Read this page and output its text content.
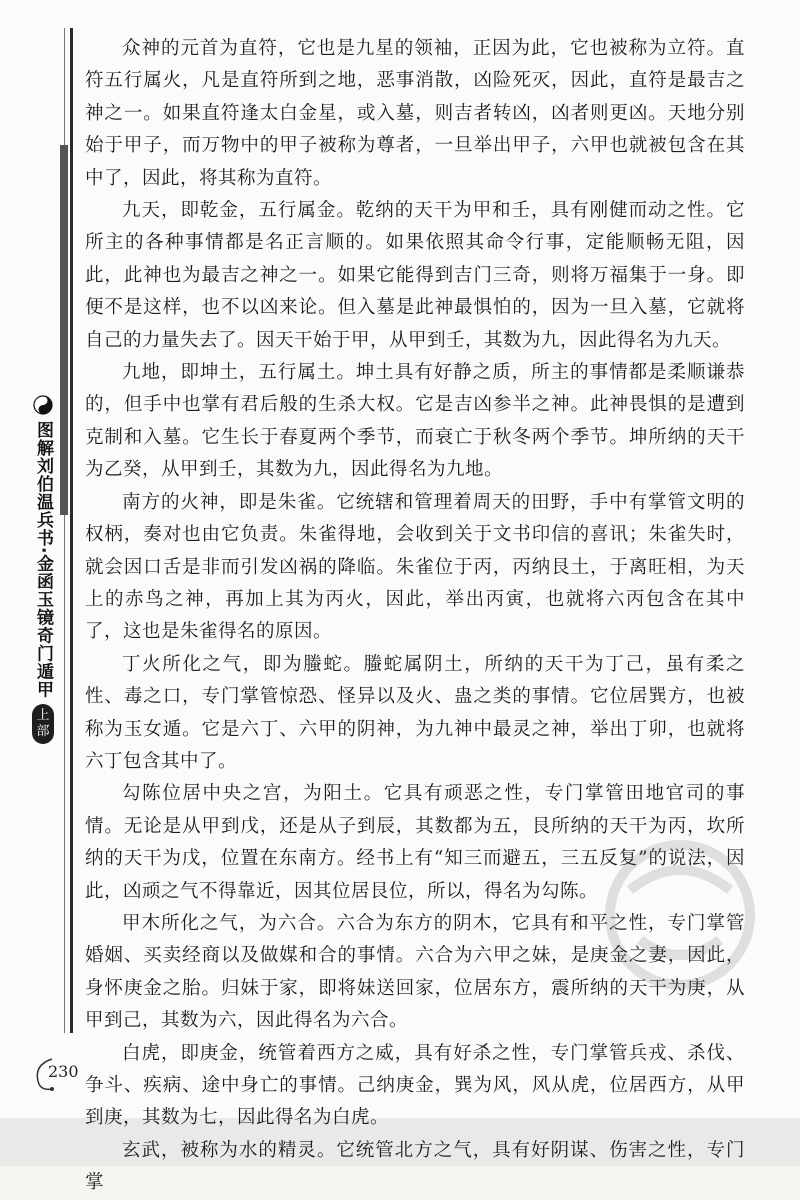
图解刘伯温兵书·金函玉镜奇门遁甲
上
部

众神的元首为直符，它也是九星的领袖，正因为此，它也被称为立符。直符五行属火，凡是直符所到之地，恶事消散，凶险死灭，因此，直符是最吉之神之一。如果直符逢太白金星，或入墓，则吉者转凶，凶者则更凶。天地分别始于甲子，而万物中的甲子被称为尊者，一旦举出甲子，六甲也就被包含在其中了，因此，将其称为直符。

九天，即乾金，五行属金。乾纳的天干为甲和壬，具有刚健而动之性。它所主的各种事情都是名正言顺的。如果依照其命令行事，定能顺畅无阻，因此，此神也为最吉之神之一。如果它能得到吉门三奇，则将万福集于一身。即便不是这样，也不以凶来论。但入墓是此神最惧怕的，因为一旦入墓，它就将自己的力量失去了。因天干始于甲，从甲到壬，其数为九，因此得名为九天。

九地，即坤土，五行属土。坤土具有好静之质，所主的事情都是柔顺谦恭的，但手中也掌有君后般的生杀大权。它是吉凶参半之神。此神畏惧的是遭到克制和入墓。它生长于春夏两个季节，而衰亡于秋冬两个季节。坤所纳的天干为乙癸，从甲到壬，其数为九，因此得名为九地。

南方的火神，即是朱雀。它统辖和管理着周天的田野，手中有掌管文明的权柄，奏对也由它负责。朱雀得地，会收到关于文书印信的喜讯；朱雀失时，就会因口舌是非而引发凶祸的降临。朱雀位于丙，丙纳艮土，于离旺相，为天上的赤鸟之神，再加上其为丙火，因此，举出丙寅，也就将六丙包含在其中了，这也是朱雀得名的原因。

丁火所化之气，即为螣蛇。螣蛇属阴土，所纳的天干为丁己，虽有柔之性、毒之口，专门掌管惊恐、怪异以及火、蛊之类的事情。它位居巽方，也被称为玉女遁。它是六丁、六甲的阴神，为九神中最灵之神，举出丁卯，也就将六丁包含其中了。

勾陈位居中央之宫，为阳土。它具有顽恶之性，专门掌管田地官司的事情。无论是从甲到戊，还是从子到辰，其数都为五，艮所纳的天干为丙，坎所纳的天干为戊，位置在东南方。经书上有“知三而避五，三五反复”的说法，因此，凶顽之气不得靠近，因其位居艮位，所以，得名为勾陈。

甲木所化之气，为六合。六合为东方的阴木，它具有和平之性，专门掌管婚姻、买卖经商以及做媒和合的事情。六合为六甲之妹，是庚金之妻，因此，身怀庚金之胎。归妹于家，即将妹送回家，位居东方，震所纳的天干为庚，从甲到己，其数为六，因此得名为六合。

白虎，即庚金，统管着西方之威，具有好杀之性，专门掌管兵戎、杀伐、争斗、疾病、途中身亡的事情。己纳庚金，巽为风，风从虎，位居西方，从甲到庚，其数为七，因此得名为白虎。

玄武，被称为水的精灵。它统管北方之气，具有好阴谋、伤害之性，专门掌

230
